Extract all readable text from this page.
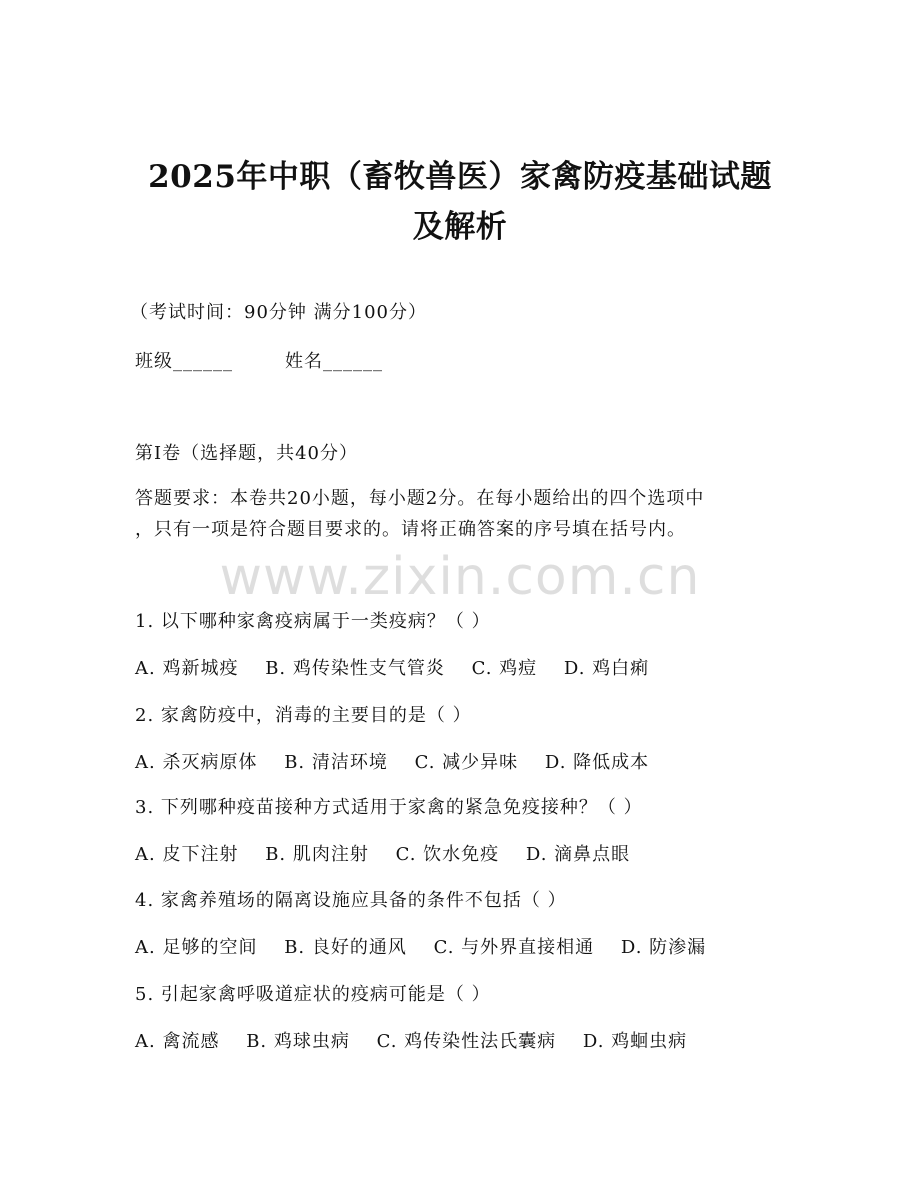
2025年中职（畜牧兽医）家禽防疫基础试题
及解析
（考试时间：90分钟 满分100分）
班级______	姓名______
第I卷（选择题，共40分）
答题要求：本卷共20小题，每小题2分。在每小题给出的四个选项中
，只有一项是符合题目要求的。请将正确答案的序号填在括号内。
www.zixin.com.cn
1. 以下哪种家禽疫病属于一类疫病？（ ）
A. 鸡新城疫 B. 鸡传染性支气管炎 C. 鸡痘 D. 鸡白痢
2. 家禽防疫中，消毒的主要目的是（ ）
A. 杀灭病原体 B. 清洁环境 C. 减少异味 D. 降低成本
3. 下列哪种疫苗接种方式适用于家禽的紧急免疫接种？（ ）
A. 皮下注射 B. 肌肉注射 C. 饮水免疫 D. 滴鼻点眼
4. 家禽养殖场的隔离设施应具备的条件不包括（ ）
A. 足够的空间 B. 良好的通风 C. 与外界直接相通 D. 防渗漏
5. 引起家禽呼吸道症状的疫病可能是（ ）
A. 禽流感 B. 鸡球虫病 C. 鸡传染性法氏囊病 D. 鸡蛔虫病
